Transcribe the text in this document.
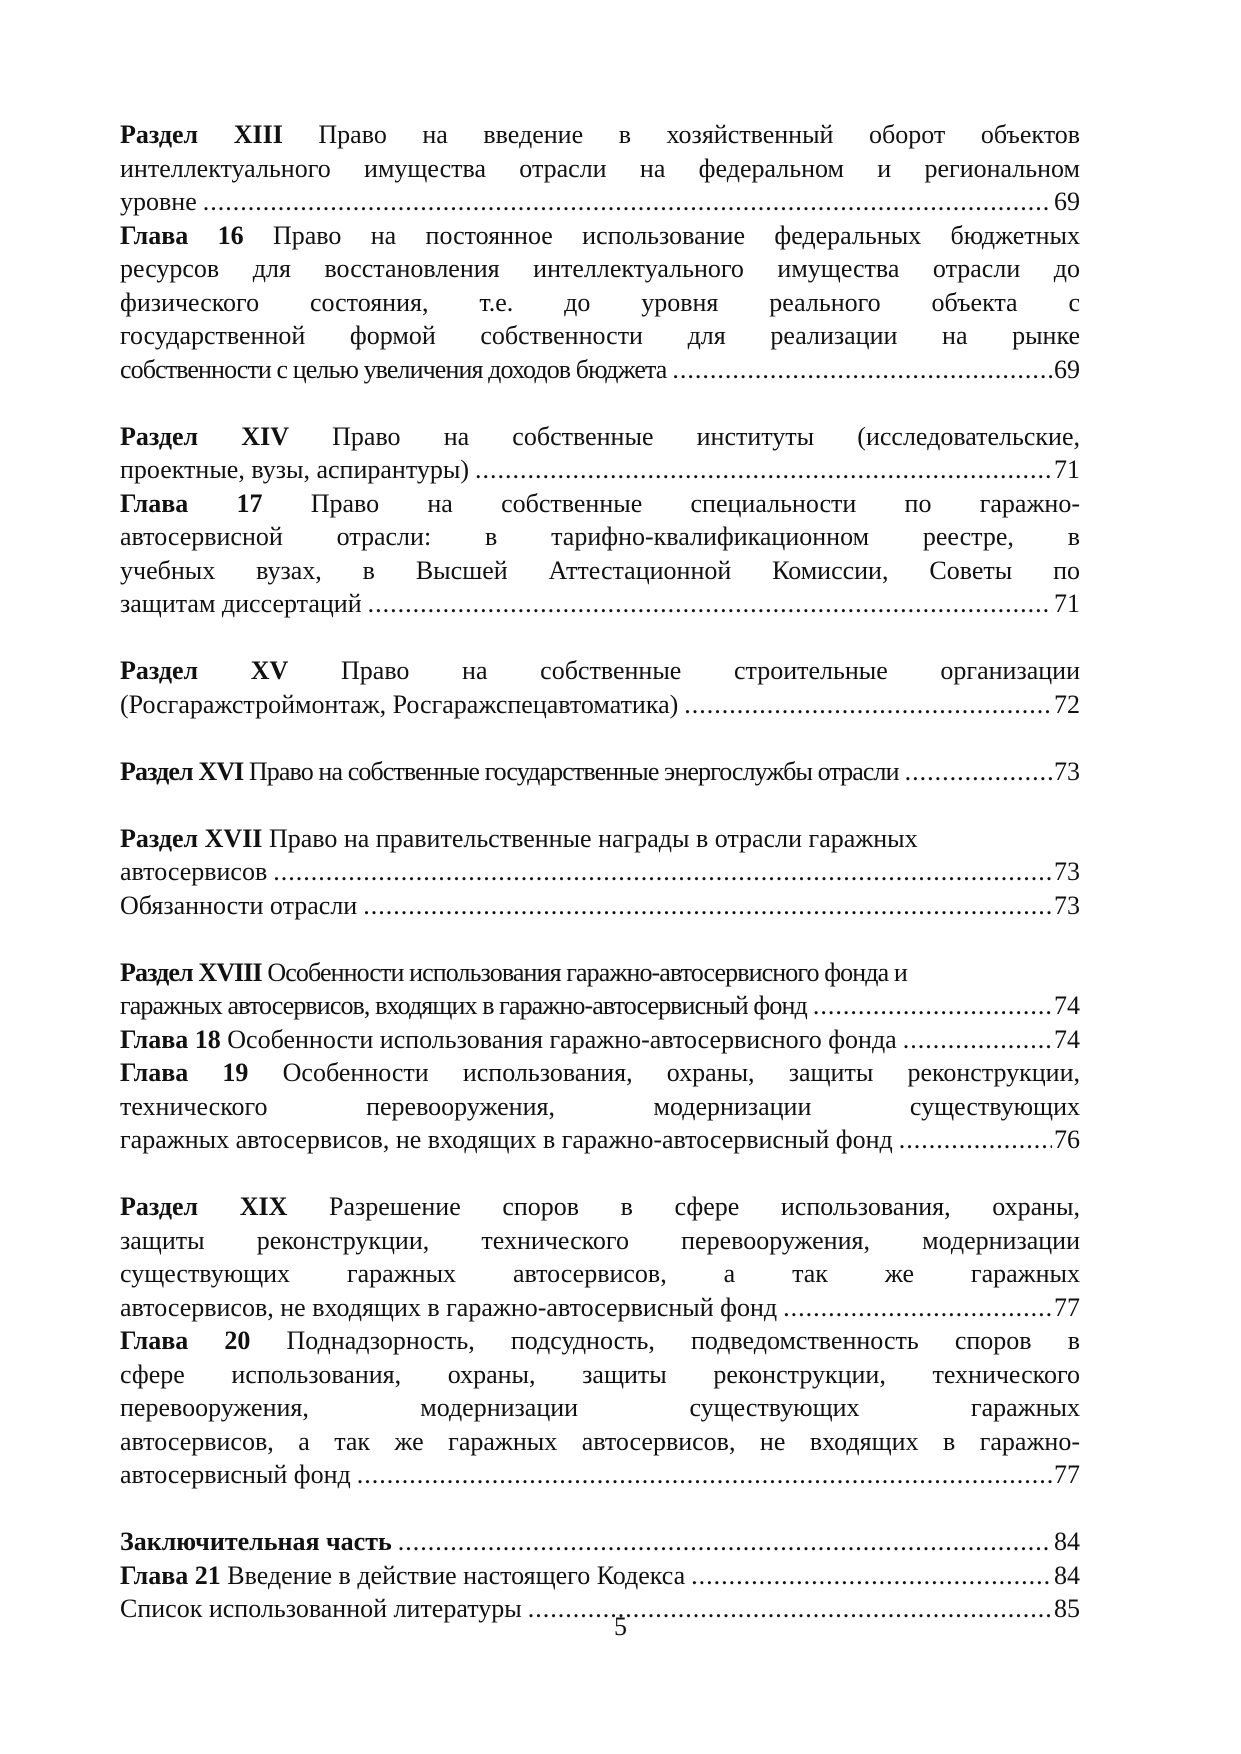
Раздел XIII Право на введение в хозяйственный оборот объектов

интеллектуального имущества отрасли на федеральном и региональном

уровне .....	69

Глава 16 Право на постоянное использование федеральных бюджетных

ресурсов для восстановления интеллектуального имущества отрасли до

физического состояния, т.е. до уровня реального объекта с

государственной формой собственности для реализации на рынке

собственности с целью увеличения доходов бюджета .....	69

Раздел XIV Право на собственные институты (исследовательские,

проектные, вузы, аспирантуры) .....	71

Глава 17 Право на собственные специальности по гаражно-

автосервисной отрасли: в тарифно-квалификационном реестре, в

учебных вузах, в Высшей Аттестационной Комиссии, Советы по

защитам диссертаций .....	71

Раздел XV Право на собственные строительные организации

(Росгаражстроймонтаж, Росгаражспецавтоматика) .....	72

Раздел XVI Право на собственные государственные энергослужбы отрасли .....	73

Раздел XVII Право на правительственные награды в отрасли гаражных

автосервисов .....	73

Обязанности отрасли .....	73

Раздел XVIII Особенности использования гаражно-автосервисного фонда и

гаражных автосервисов, входящих в гаражно-автосервисный фонд .....	74

Глава 18 Особенности использования гаражно-автосервисного фонда .....	74

Глава 19 Особенности использования, охраны, защиты реконструкции,

технического перевооружения, модернизации существующих

гаражных автосервисов, не входящих в гаражно-автосервисный фонд .....	76

Раздел XIX Разрешение споров в сфере использования, охраны,

защиты реконструкции, технического перевооружения, модернизации

существующих гаражных автосервисов, а так же гаражных

автосервисов, не входящих в гаражно-автосервисный фонд .....	77

Глава 20 Поднадзорность, подсудность, подведомственность споров в

сфере использования, охраны, защиты реконструкции, технического

перевооружения, модернизации существующих гаражных

автосервисов, а так же гаражных автосервисов, не входящих в гаражно-

автосервисный фонд .....	77

Заключительная часть .....	84

Глава 21 Введение в действие настоящего Кодекса .....	84

Список использованной литературы .....	85

5
